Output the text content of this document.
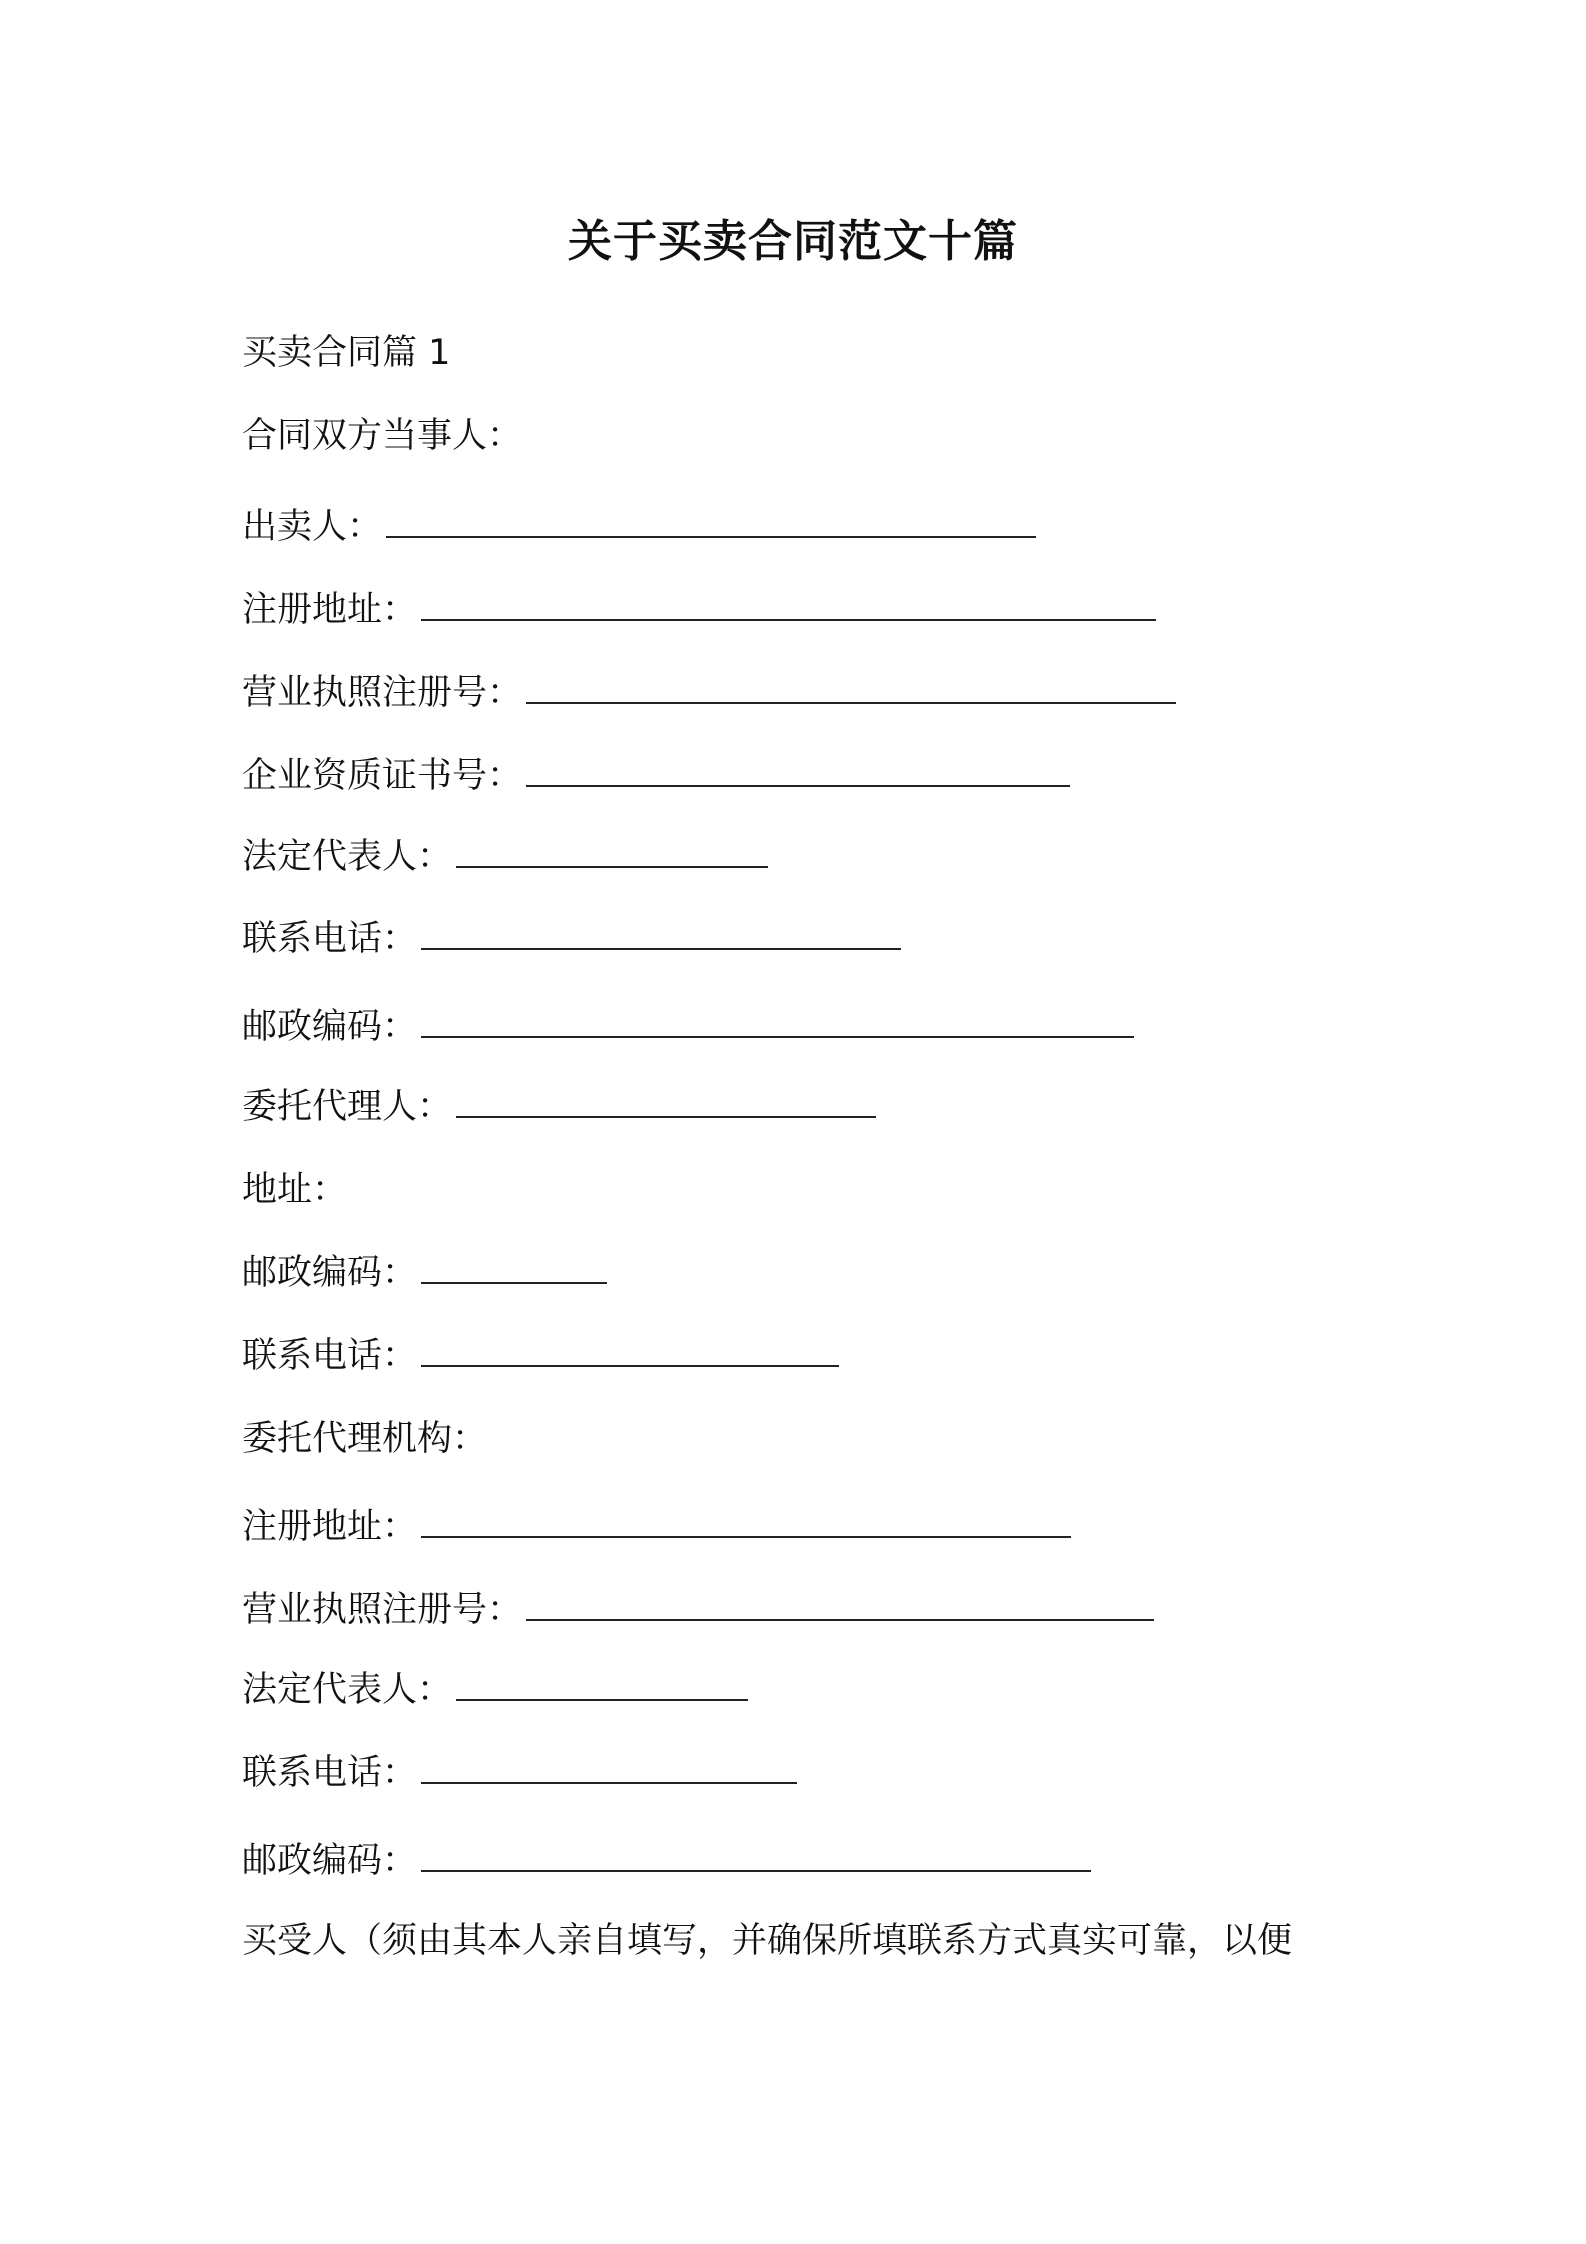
关于买卖合同范文十篇
买卖合同篇 1
合同双方当事人：
出卖人：
注册地址：
营业执照注册号：
企业资质证书号：
法定代表人：
联系电话：
邮政编码：
委托代理人：
地址：
邮政编码：
联系电话：
委托代理机构：
注册地址：
营业执照注册号：
法定代表人：
联系电话：
邮政编码：
买受人（须由其本人亲自填写，并确保所填联系方式真实可靠，以便
